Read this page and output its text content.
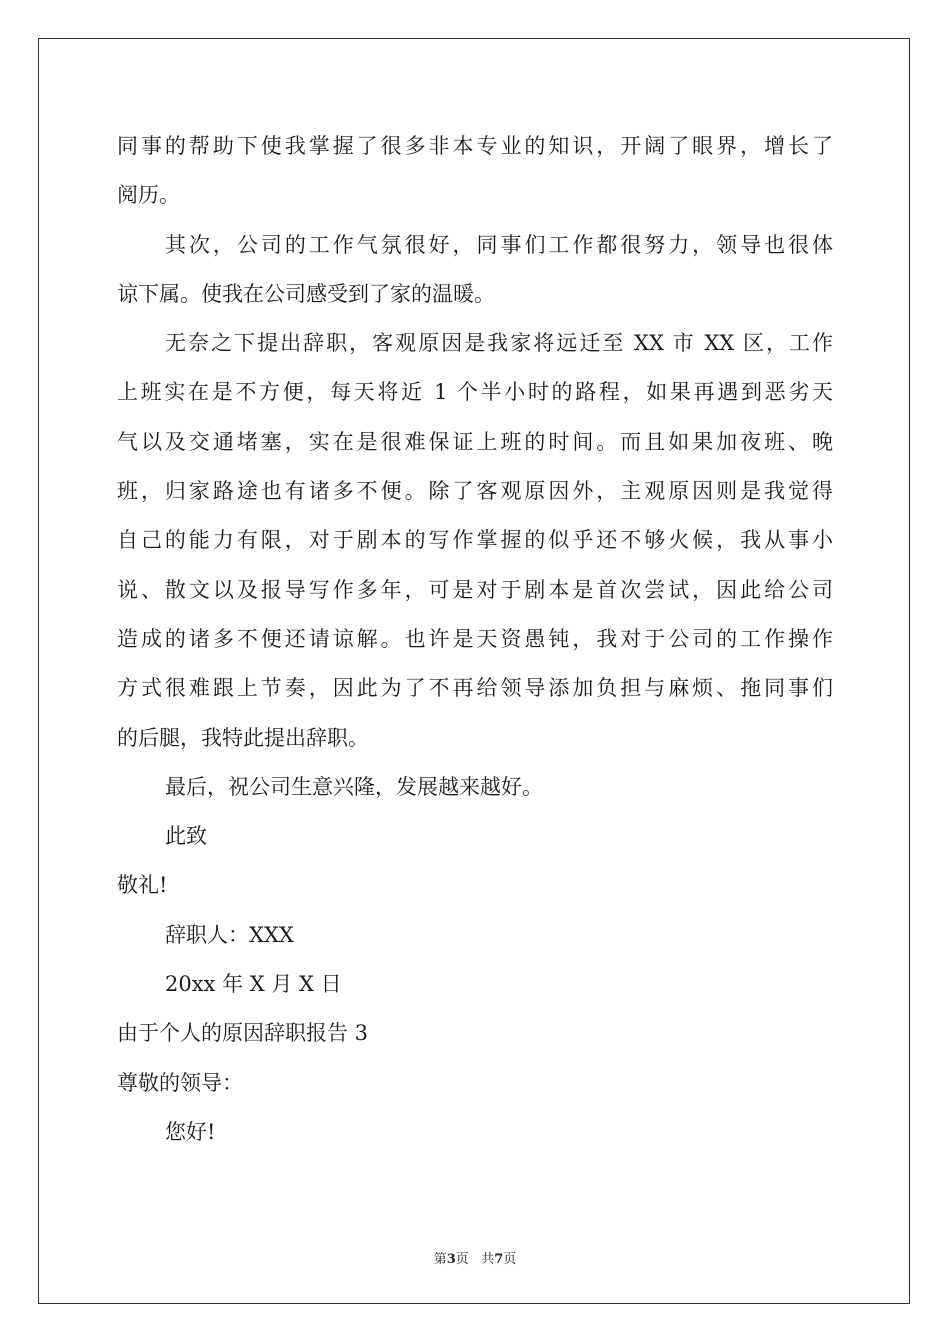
同事的帮助下使我掌握了很多非本专业的知识，开阔了眼界，增长了
阅历。
其次，公司的工作气氛很好，同事们工作都很努力，领导也很体
谅下属。使我在公司感受到了家的温暖。
无奈之下提出辞职，客观原因是我家将远迁至 XX 市 XX 区，工作
上班实在是不方便，每天将近 1 个半小时的路程，如果再遇到恶劣天
气以及交通堵塞，实在是很难保证上班的时间。而且如果加夜班、晚
班，归家路途也有诸多不便。除了客观原因外，主观原因则是我觉得
自己的能力有限，对于剧本的写作掌握的似乎还不够火候，我从事小
说、散文以及报导写作多年，可是对于剧本是首次尝试，因此给公司
造成的诸多不便还请谅解。也许是天资愚钝，我对于公司的工作操作
方式很难跟上节奏，因此为了不再给领导添加负担与麻烦、拖同事们
的后腿，我特此提出辞职。
最后，祝公司生意兴隆，发展越来越好。
此致
敬礼!
辞职人：XXX
20xx 年 X 月 X 日
由于个人的原因辞职报告 3
尊敬的领导：
您好!
第3页 共7页
